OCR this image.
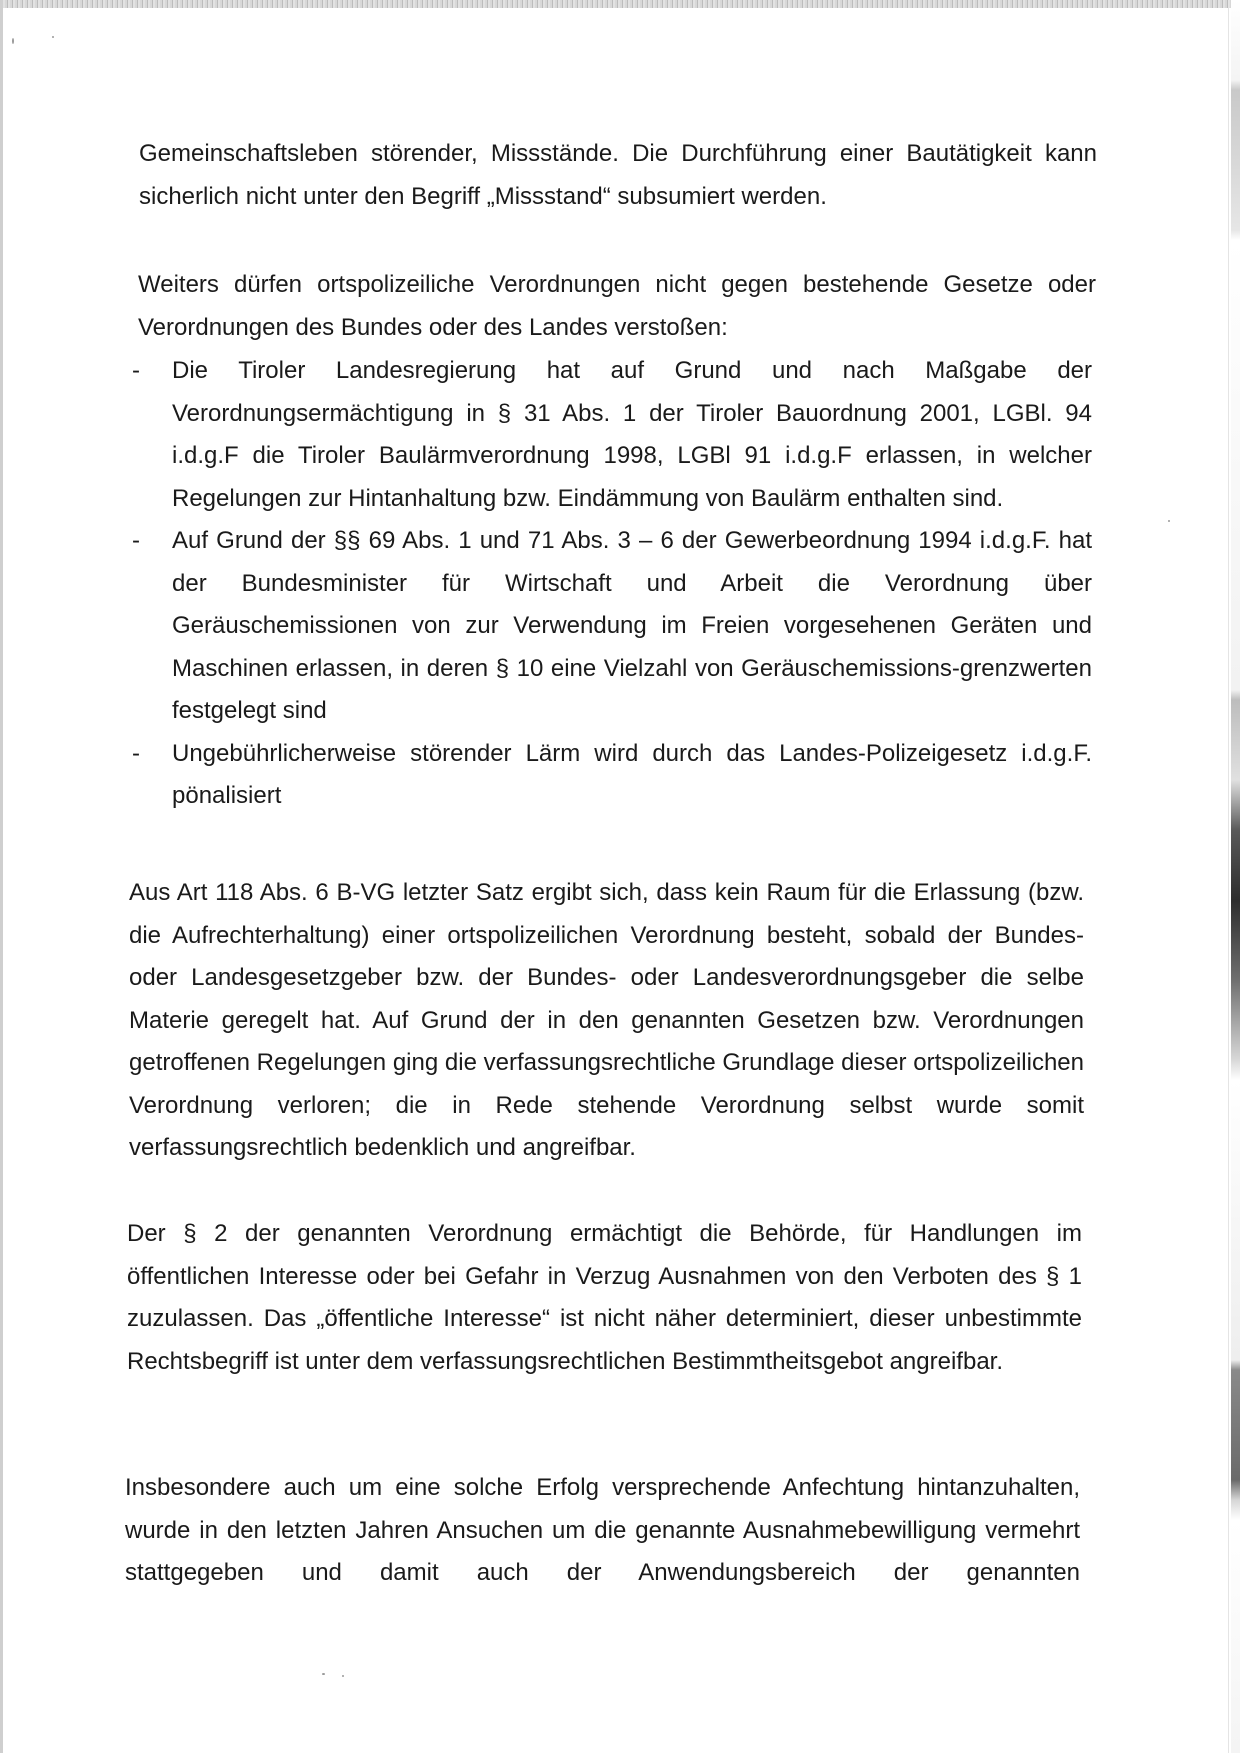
Gemeinschaftsleben störender, Missstände. Die Durchführung einer Bautätigkeit kann sicherlich nicht unter den Begriff „Missstand“ subsumiert werden.

Weiters dürfen ortspolizeiliche Verordnungen nicht gegen bestehende Gesetze oder Verordnungen des Bundes oder des Landes verstoßen:

- Die Tiroler Landesregierung hat auf Grund und nach Maßgabe der Verordnungsermächtigung in § 31 Abs. 1 der Tiroler Bauordnung 2001, LGBl. 94 i.d.g.F die Tiroler Baulärmverordnung 1998, LGBl 91 i.d.g.F erlassen, in welcher Regelungen zur Hintanhaltung bzw. Eindämmung von Baulärm enthalten sind.
- Auf Grund der §§ 69 Abs. 1 und 71 Abs. 3 – 6 der Gewerbeordnung 1994 i.d.g.F. hat der Bundesminister für Wirtschaft und Arbeit die Verordnung über Geräuschemissionen von zur Verwendung im Freien vorgesehenen Geräten und Maschinen erlassen, in deren § 10 eine Vielzahl von Geräuschemissions-grenzwerten festgelegt sind
- Ungebührlicherweise störender Lärm wird durch das Landes-Polizeigesetz i.d.g.F. pönalisiert

Aus Art 118 Abs. 6 B-VG letzter Satz ergibt sich, dass kein Raum für die Erlassung (bzw. die Aufrechterhaltung) einer ortspolizeilichen Verordnung besteht, sobald der Bundes- oder Landesgesetzgeber bzw. der Bundes- oder Landesverordnungsgeber die selbe Materie geregelt hat. Auf Grund der in den genannten Gesetzen bzw. Verordnungen getroffenen Regelungen ging die verfassungsrechtliche Grundlage dieser ortspolizeilichen Verordnung verloren; die in Rede stehende Verordnung selbst wurde somit verfassungsrechtlich bedenklich und angreifbar.

Der § 2 der genannten Verordnung ermächtigt die Behörde, für Handlungen im öffentlichen Interesse oder bei Gefahr in Verzug Ausnahmen von den Verboten des § 1 zuzulassen. Das „öffentliche Interesse“ ist nicht näher determiniert, dieser unbestimmte Rechtsbegriff ist unter dem verfassungsrechtlichen Bestimmtheitsgebot angreifbar.

Insbesondere auch um eine solche Erfolg versprechende Anfechtung hintanzuhalten, wurde in den letzten Jahren Ansuchen um die genannte Ausnahmebewilligung vermehrt stattgegeben und damit auch der Anwendungsbereich der genannten
